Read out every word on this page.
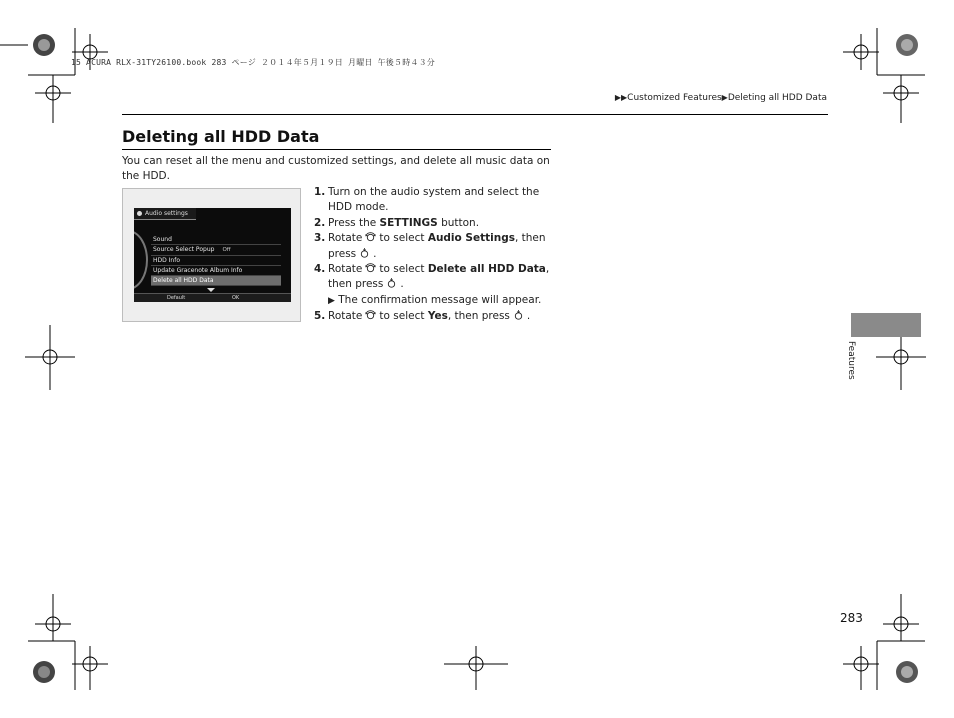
15 ACURA RLX-31TY26100.book 283 ページ ２０１４年５月１９日 月曜日 午後５時４３分
▶▶Customized Features▶Deleting all HDD Data
Deleting all HDD Data
You can reset all the menu and customized settings, and delete all music data on the HDD.
Audio settings
Sound
Source Select Popup Off
HDD Info
Update Gracenote Album Info
Delete all HDD Data
Default	OK
1. Turn on the audio system and select the HDD mode.
2. Press the SETTINGS button.
3. Rotate to select Audio Settings, then press .
4. Rotate to select Delete all HDD Data, then press .
▶ The confirmation message will appear.
5. Rotate to select Yes, then press .
Features
283
